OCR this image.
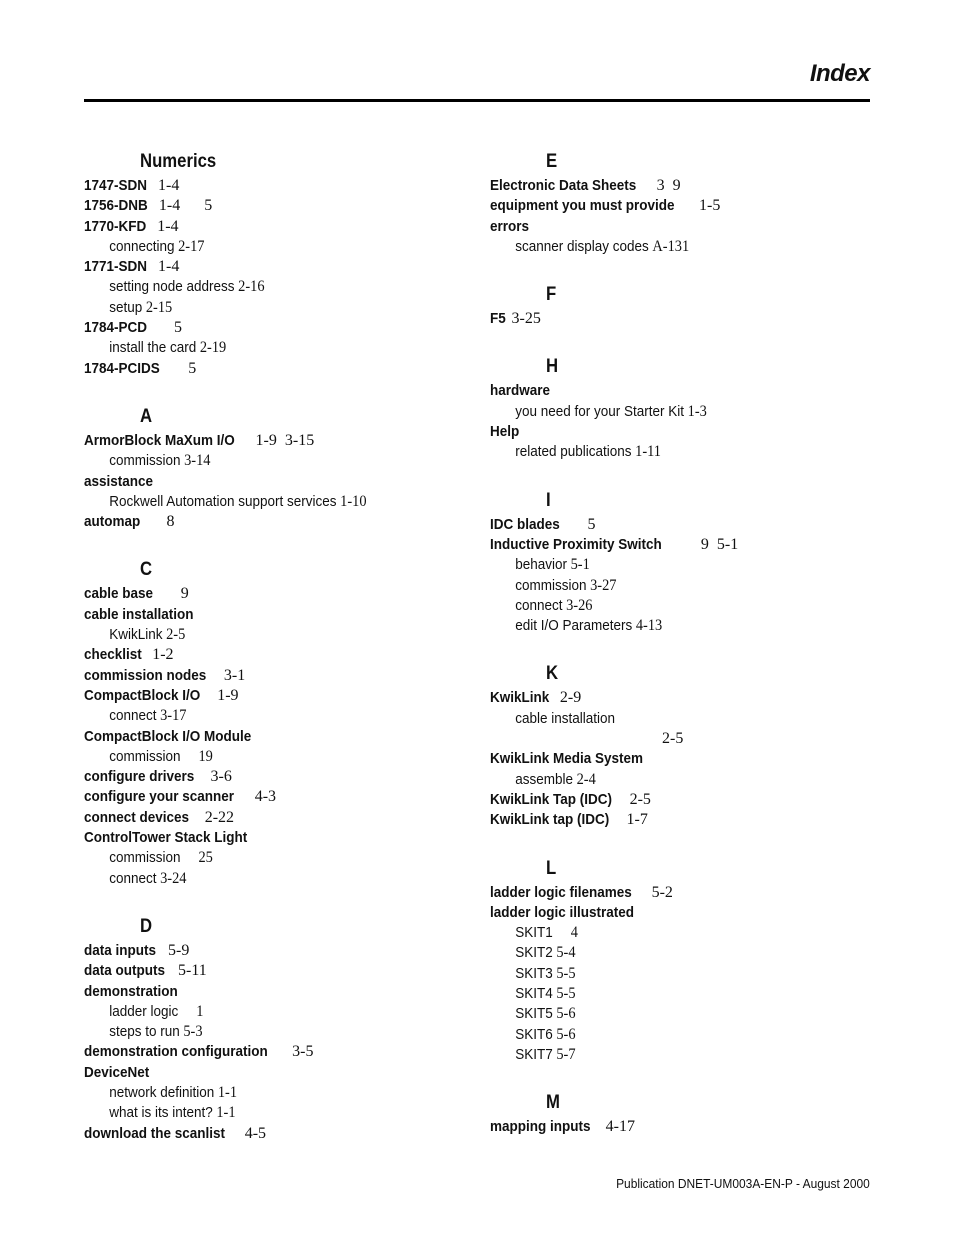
Index
Numerics
1747-SDN 1-4
1756-DNB 1-4      5
1770-KFD 1-4
connecting 2-17
1771-SDN 1-4
setting node address 2-16
setup 2-15
1784-PCD    5
install the card 2-19
1784-PCIDS    5
A
ArmorBlock MaXum I/O 1-9  3-15
commission 3-14
assistance
Rockwell Automation support services 1-10
automap    8
C
cable base    9
cable installation
KwikLink 2-5
checklist 1-2
commission nodes 3-1
CompactBlock I/O 1-9
connect 3-17
CompactBlock I/O Module
commission    19
configure drivers 3-6
configure your scanner 4-3
connect devices 2-22
ControlTower Stack Light
commission    25
connect 3-24
D
data inputs 5-9
data outputs 5-11
demonstration
ladder logic    1
steps to run 5-3
demonstration configuration 3-5
DeviceNet
network definition 1-1
what is its intent? 1-1
download the scanlist 4-5
E
Electronic Data Sheets 3  9
equipment you must provide 1-5
errors
scanner display codes A-131
F
F5 3-25
H
hardware
you need for your Starter Kit 1-3
Help
related publications 1-11
I
IDC blades    5
Inductive Proximity Switch    9  5-1
behavior 5-1
commission 3-27
connect 3-26
edit I/O Parameters 4-13
K
KwikLink 2-9
cable installation
2-5
KwikLink Media System
assemble 2-4
KwikLink Tap (IDC) 2-5
KwikLink tap (IDC) 1-7
L
ladder logic filenames 5-2
ladder logic illustrated
SKIT1    4
SKIT2 5-4
SKIT3 5-5
SKIT4 5-5
SKIT5 5-6
SKIT6 5-6
SKIT7 5-7
M
mapping inputs 4-17
Publication DNET-UM003A-EN-P - August 2000
